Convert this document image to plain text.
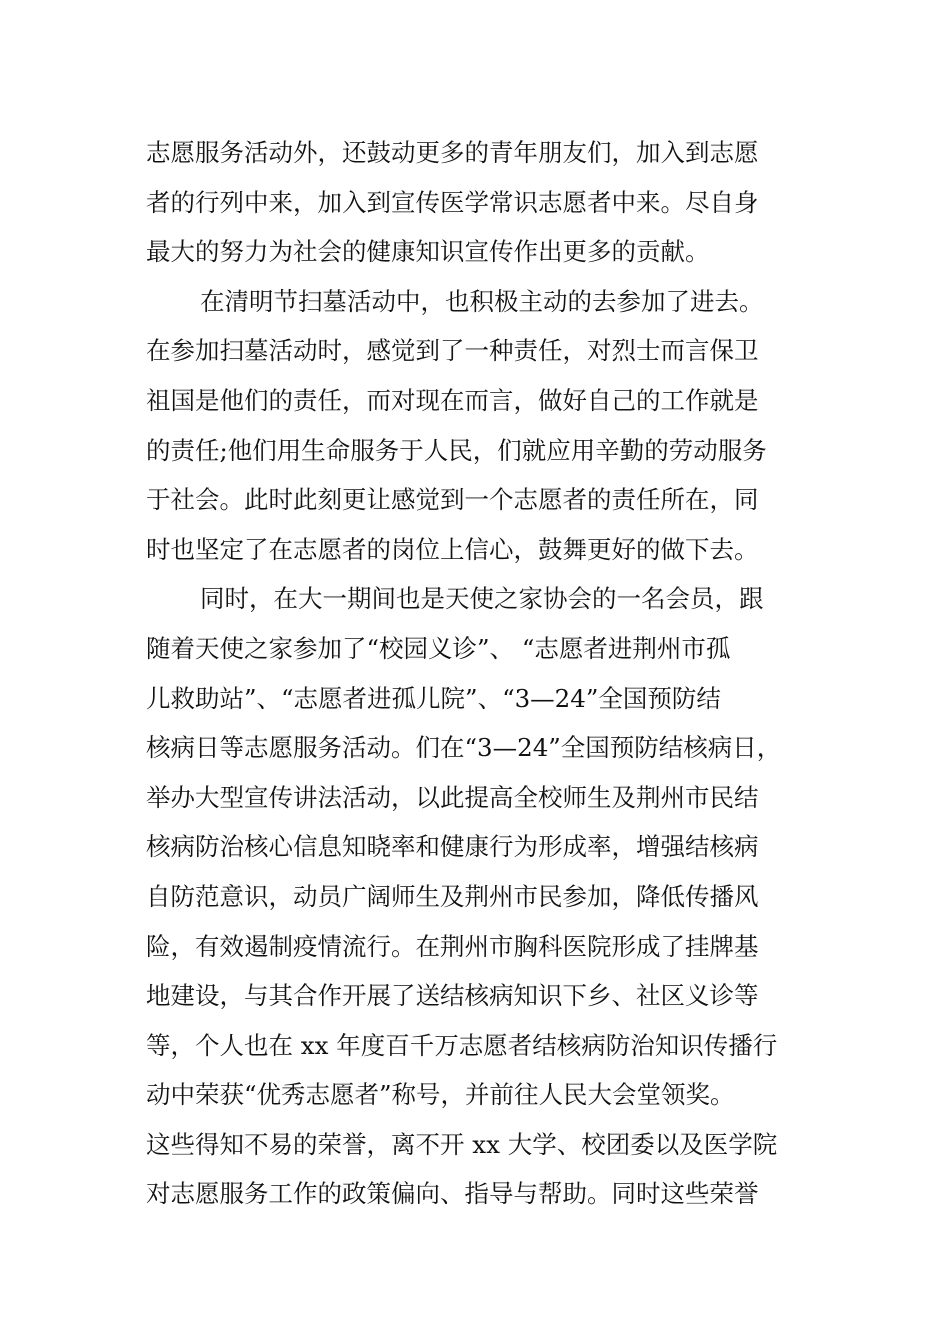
志愿服务活动外，还鼓动更多的青年朋友们，加入到志愿
者的行列中来，加入到宣传医学常识志愿者中来。尽自身
最大的努力为社会的健康知识宣传作出更多的贡献。
在清明节扫墓活动中，也积极主动的去参加了进去。
在参加扫墓活动时，感觉到了一种责任，对烈士而言保卫
祖国是他们的责任，而对现在而言，做好自己的工作就是
的责任;他们用生命服务于人民，们就应用辛勤的劳动服务
于社会。此时此刻更让感觉到一个志愿者的责任所在，同
时也坚定了在志愿者的岗位上信心，鼓舞更好的做下去。
同时，在大一期间也是天使之家协会的一名会员，跟
随着天使之家参加了“校园义诊”、 “志愿者进荆州市孤
儿救助站”、“志愿者进孤儿院”、“3—24”全国预防结
核病日等志愿服务活动。们在“3—24”全国预防结核病日，
举办大型宣传讲法活动，以此提高全校师生及荆州市民结
核病防治核心信息知晓率和健康行为形成率，增强结核病
自防范意识，动员广阔师生及荆州市民参加，降低传播风
险，有效遏制疫情流行。在荆州市胸科医院形成了挂牌基
地建设，与其合作开展了送结核病知识下乡、社区义诊等
等，个人也在 xx 年度百千万志愿者结核病防治知识传播行
动中荣获“优秀志愿者”称号，并前往人民大会堂领奖。
这些得知不易的荣誉，离不开 xx 大学、校团委以及医学院
对志愿服务工作的政策偏向、指导与帮助。同时这些荣誉
